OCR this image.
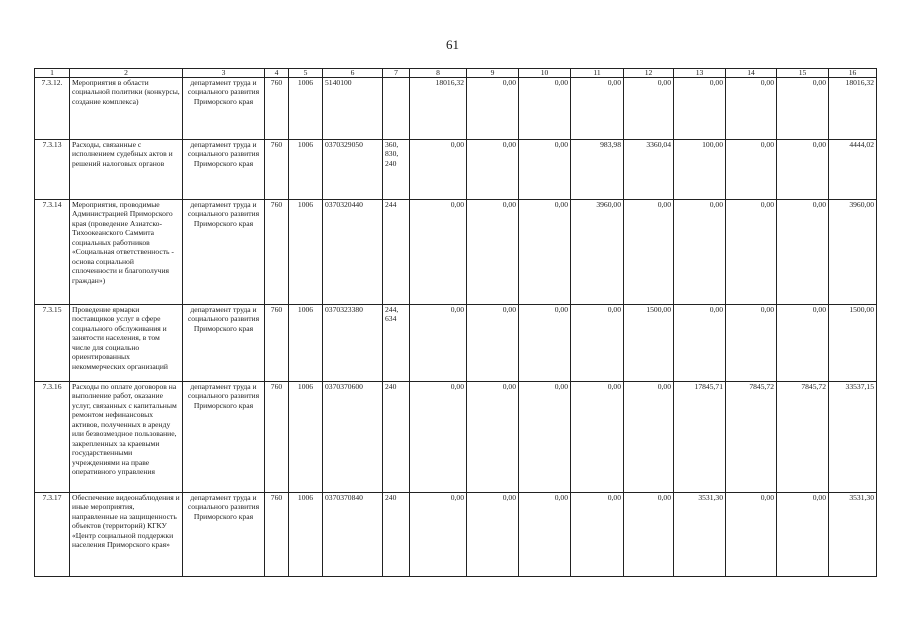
61
1	2	3	4	5	6	7	8	9	10	11	12	13	14	15	16
7.3.12.	Мероприятия в области социальной политики (конкурсы, создание комплекса)	департамент труда и социального развития Приморского края	760	1006	5140100		18016,32	0,00	0,00	0,00	0,00	0,00	0,00	0,00	18016,32
7.3.13	Расходы, связанные с исполнением судебных актов и решений налоговых органов	департамент труда и социального развития Приморского края	760	1006	0370329050	360, 830, 240	0,00	0,00	0,00	983,98	3360,04	100,00	0,00	0,00	4444,02
7.3.14	Мероприятия, проводимые Администрацией Приморского края (проведение Азиатско-Тихоокеанского Саммита социальных работников «Социальная ответственность - основа социальной сплоченности и благополучия граждан»)	департамент труда и социального развития Приморского края	760	1006	0370320440	244	0,00	0,00	0,00	3960,00	0,00	0,00	0,00	0,00	3960,00
7.3.15	Проведение ярмарки поставщиков услуг в сфере социального обслуживания и занятости населения, в том числе для социально ориентированных некоммерческих организаций	департамент труда и социального развития Приморского края	760	1006	0370323380	244, 634	0,00	0,00	0,00	0,00	1500,00	0,00	0,00	0,00	1500,00
7.3.16	Расходы по оплате договоров на выполнение работ, оказание услуг, связанных с капитальным ремонтом нефинансовых активов, полученных в аренду или безвозмездное пользование, закрепленных за краевыми государственными учреждениями на праве оперативного управления	департамент труда и социального развития Приморского края	760	1006	0370370600	240	0,00	0,00	0,00	0,00	0,00	17845,71	7845,72	7845,72	33537,15
7.3.17	Обеспечение видеонаблюдения и иные мероприятия, направленные на защищенность объектов (территорий) КГКУ «Центр социальной поддержки населения Приморского края»	департамент труда и социального развития Приморского края	760	1006	0370370840	240	0,00	0,00	0,00	0,00	0,00	3531,30	0,00	0,00	3531,30
